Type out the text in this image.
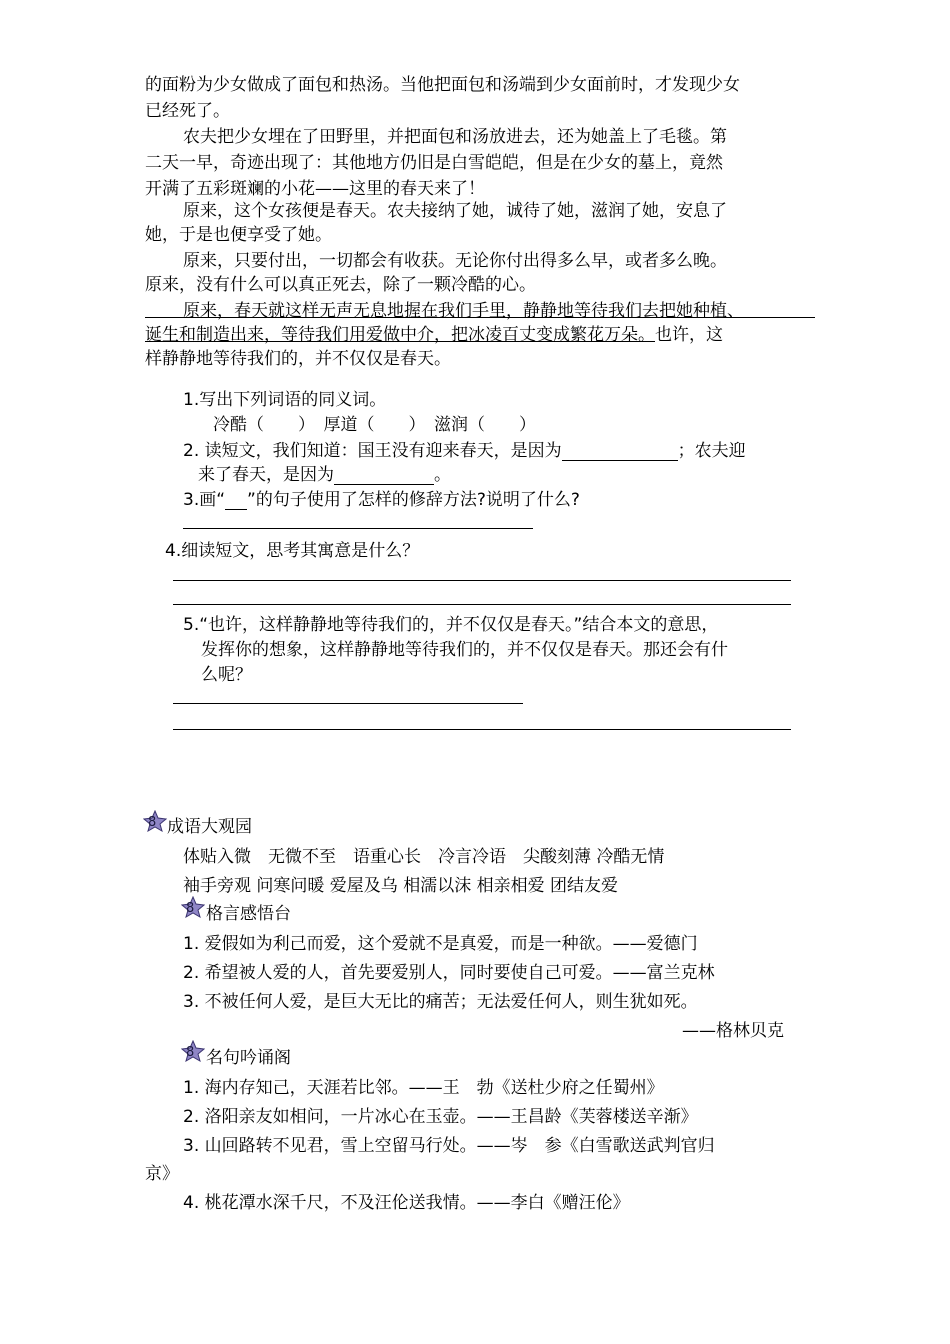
的面粉为少女做成了面包和热汤。当他把面包和汤端到少女面前时，才发现少女
已经死了。
农夫把少女埋在了田野里，并把面包和汤放进去，还为她盖上了毛毯。第
二天一早，奇迹出现了：其他地方仍旧是白雪皑皑，但是在少女的墓上，竟然
开满了五彩斑斓的小花——这里的春天来了！
原来，这个女孩便是春天。农夫接纳了她，诚待了她，滋润了她，安息了
她，于是也便享受了她。
原来，只要付出，一切都会有收获。无论你付出得多么早，或者多么晚。
原来，没有什么可以真正死去，除了一颗冷酷的心。
原来，春天就这样无声无息地握在我们手里，静静地等待我们去把她种植、
诞生和制造出来，等待我们用爱做中介，把冰凌百丈变成繁花万朵。也许，这
样静静地等待我们的，并不仅仅是春天。
1.写出下列词语的同义词。
冷酷（　　）　厚道（　　）　滋润（　　）
2. 读短文，我们知道：国王没有迎来春天，是因为	；农夫迎
来了春天，是因为	。
3.画“ ”的句子使用了怎样的修辞方法?说明了什么?
4.细读短文，思考其寓意是什么？
5.“也许，这样静静地等待我们的，并不仅仅是春天。”结合本文的意思，
发挥你的想象，这样静静地等待我们的，并不仅仅是春天。那还会有什
么呢？
8 成语大观园
体贴入微　无微不至　语重心长　冷言冷语　尖酸刻薄 冷酷无情
袖手旁观 问寒问暖 爱屋及乌 相濡以沫 相亲相爱 团结友爱
8 格言感悟台
1. 爱假如为利己而爱，这个爱就不是真爱，而是一种欲。——爱德门
2. 希望被人爱的人，首先要爱别人，同时要使自己可爱。——富兰克林
3. 不被任何人爱，是巨大无比的痛苦；无法爱任何人，则生犹如死。
——格林贝克
8 名句吟诵阁
1. 海内存知己，天涯若比邻。——王　勃《送杜少府之任蜀州》
2. 洛阳亲友如相问，一片冰心在玉壶。——王昌龄《芙蓉楼送辛渐》
3. 山回路转不见君，雪上空留马行处。——岑　参《白雪歌送武判官归
京》
4. 桃花潭水深千尺，不及汪伦送我情。——李白《赠汪伦》
